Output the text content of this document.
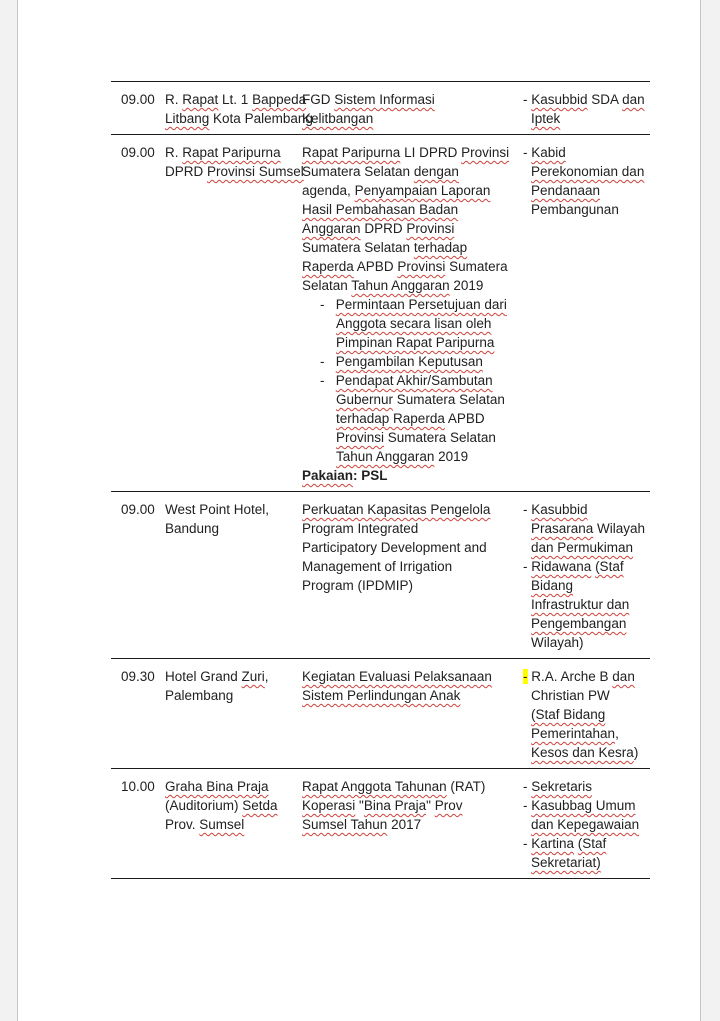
09.00 R. Rapat Lt. 1 Bappeda
Litbang Kota Palembang
FGD Sistem Informasi
Kelitbangan
- Kasubbid SDA dan
Iptek
09.00 R. Rapat Paripurna
DPRD Provinsi Sumsel
Rapat Paripurna LI DPRD Provinsi
Sumatera Selatan dengan
agenda, Penyampaian Laporan
Hasil Pembahasan Badan
Anggaran DPRD Provinsi
Sumatera Selatan terhadap
Raperda APBD Provinsi Sumatera
Selatan Tahun Anggaran 2019
-   Permintaan Persetujuan dari
Anggota secara lisan oleh
Pimpinan Rapat Paripurna
-   Pengambilan Keputusan
-   Pendapat Akhir/Sambutan
Gubernur Sumatera Selatan
terhadap Raperda APBD
Provinsi Sumatera Selatan
Tahun Anggaran 2019
Pakaian: PSL
- Kabid
Perekonomian dan
Pendanaan
Pembangunan
09.00 West Point Hotel,
Bandung
Perkuatan Kapasitas Pengelola
Program Integrated
Participatory Development and
Management of Irrigation
Program (IPDMIP)
- Kasubbid
Prasarana Wilayah
dan Permukiman
- Ridawana (Staf
Bidang
Infrastruktur dan
Pengembangan
Wilayah)
09.30 Hotel Grand Zuri,
Palembang
Kegiatan Evaluasi Pelaksanaan
Sistem Perlindungan Anak
- R.A. Arche B dan
Christian PW
(Staf Bidang
Pemerintahan,
Kesos dan Kesra)
10.00 Graha Bina Praja
(Auditorium) Setda
Prov. Sumsel
Rapat Anggota Tahunan (RAT)
Koperasi "Bina Praja" Prov
Sumsel Tahun 2017
- Sekretaris
- Kasubbag Umum
dan Kepegawaian
- Kartina (Staf
Sekretariat)
